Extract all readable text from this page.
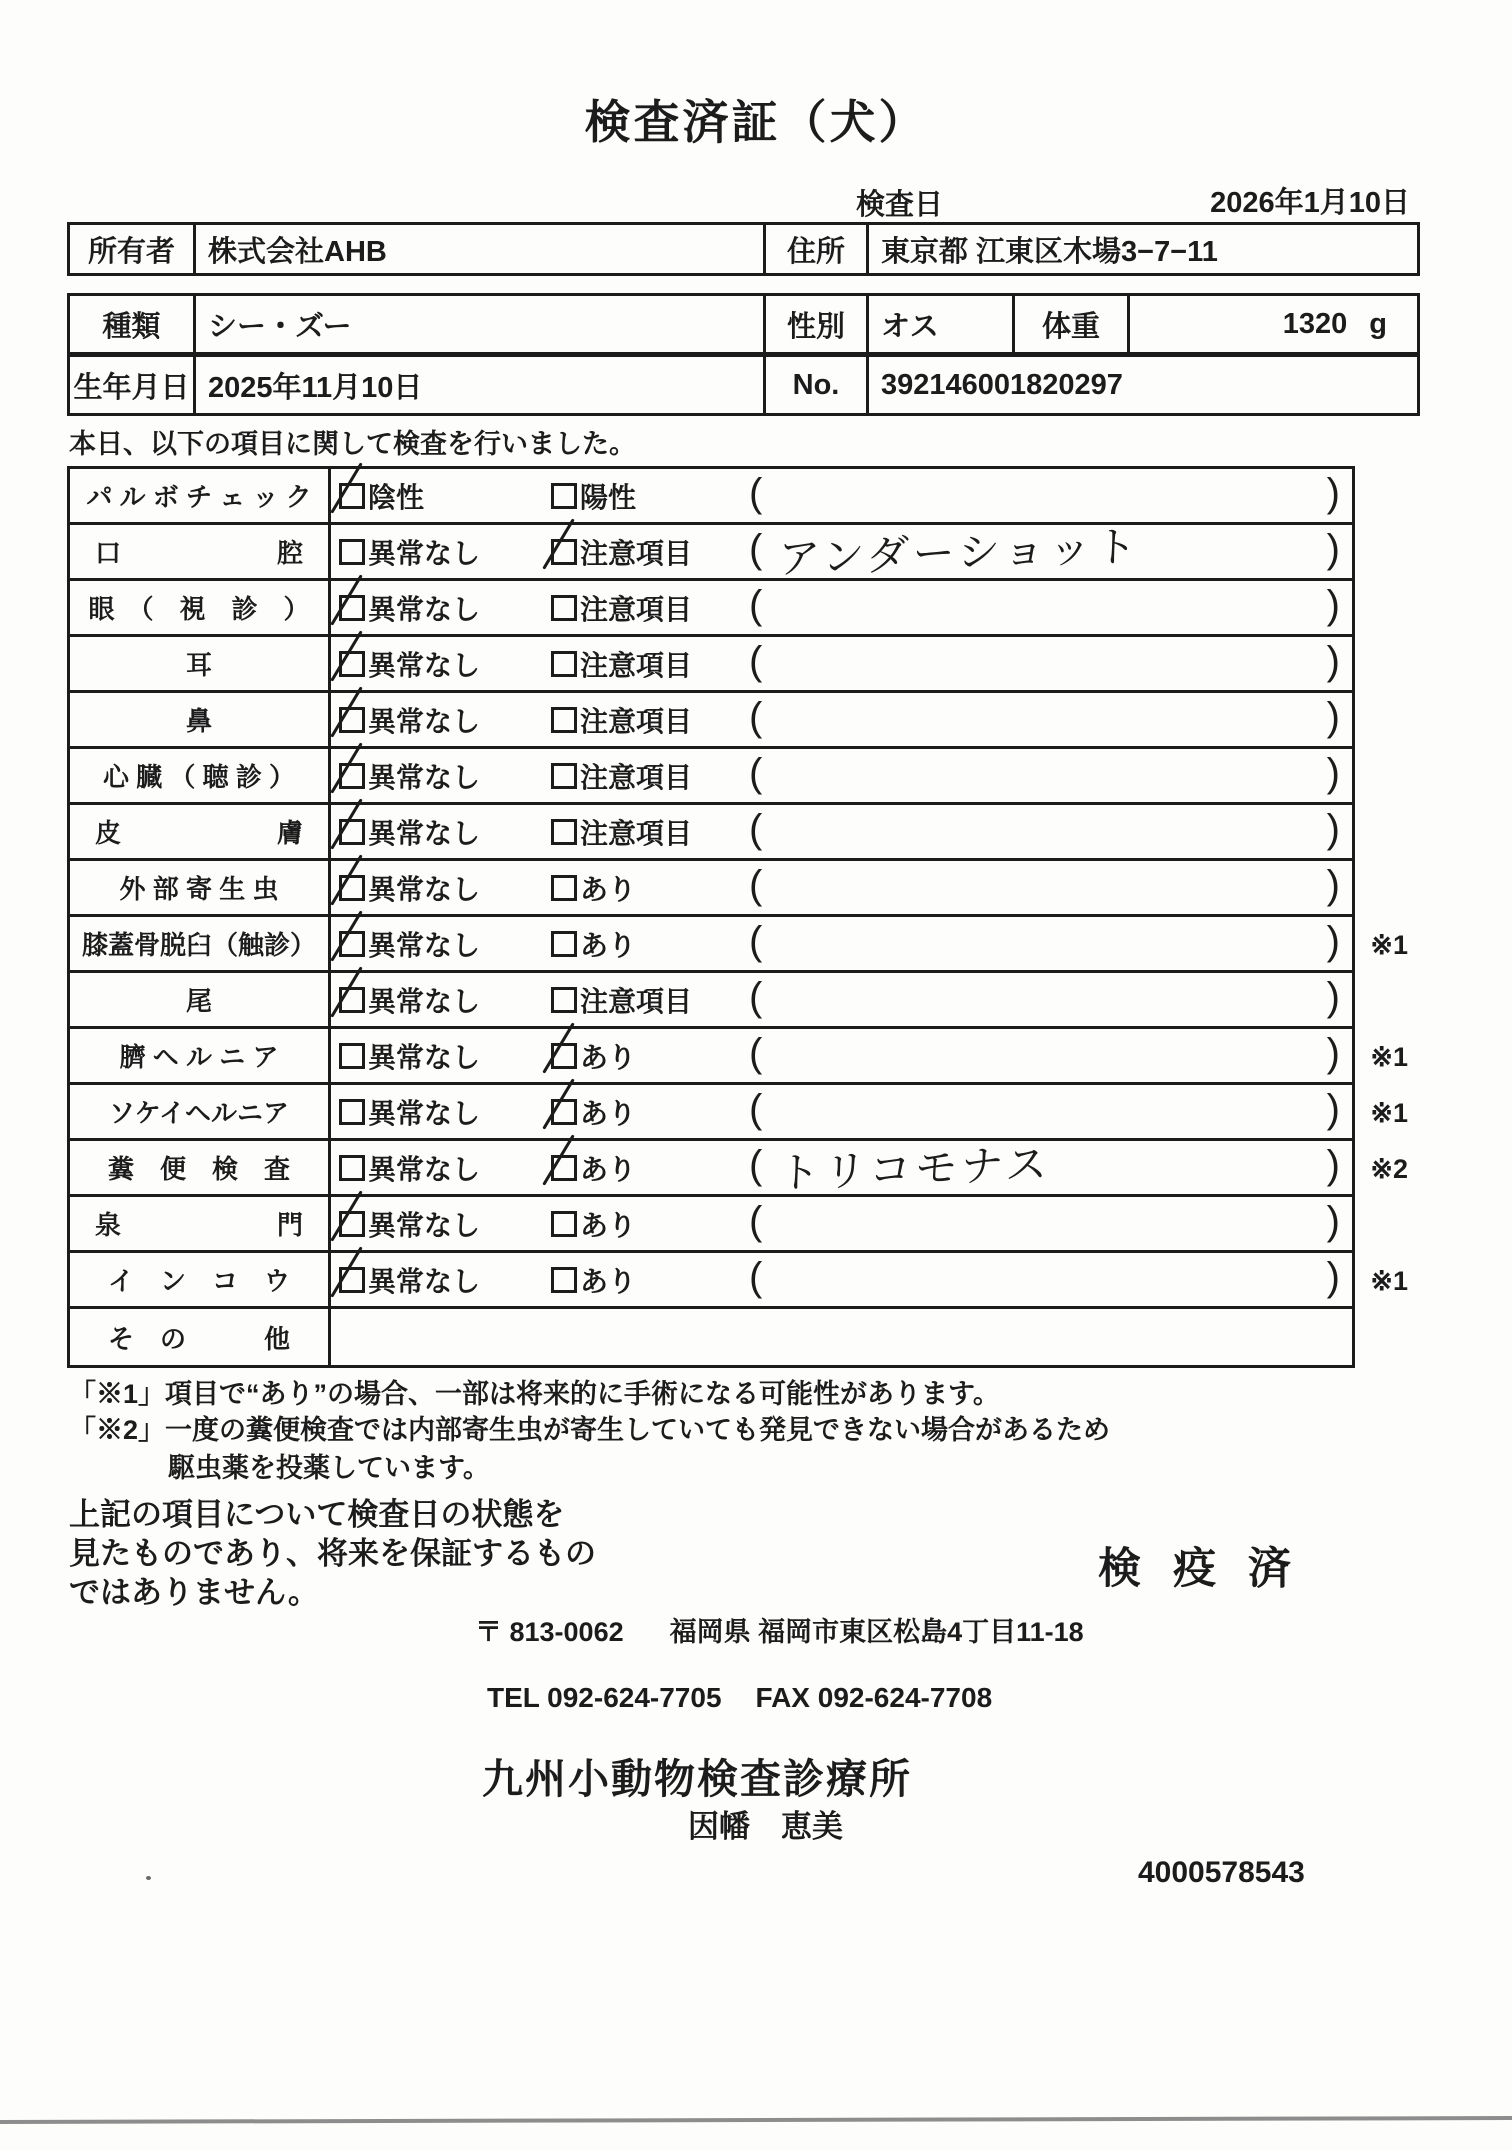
検査済証（犬）
検査日	2026年1月10日
所有者	株式会社AHB	住所	東京都 江東区木場3−7−11
種類	シー・ズー	性別	オス	体重	1320 g
生年月日 2025年11月10日	No.	392146001820297
本日、以下の項目に関して検査を行いました。
パ ル ボ チ ェ ッ ク	陰性	陽性	(	)
口　　　　　　腔	異常なし	注意項目 ( アンダーショット	)
眼　（　視　診　）	異常なし	注意項目 (	)
耳	異常なし	注意項目 (	)
鼻	異常なし	注意項目 (	)
心 臓 （ 聴 診 ）	異常なし	注意項目 (	)
皮　　　　　　膚	異常なし	注意項目 (	)
外 部 寄 生 虫	異常なし	あり	(	)
膝蓋骨脱臼（触診）	異常なし	あり	(	) ※1
尾	異常なし	注意項目 (	)
臍 ヘ ル ニ ア	異常なし	あり	(	) ※1
ソケイヘルニア	異常なし	あり	(	) ※1
糞　便　検　査	異常なし	あり	( トリコモナス	) ※2
泉　　　　　　門	異常なし	あり	(	)
イ　ン　コ　ウ	異常なし	あり	(	) ※1
そ　の　　　他
「※1」項目で“あり”の場合、一部は将来的に手術になる可能性があります。
「※2」一度の糞便検査では内部寄生虫が寄生していても発見できない場合があるため
駆虫薬を投薬しています。
上記の項目について検査日の状態を
見たものであり、将来を保証するもの
ではありません。	検 疫 済
〒 813-0062 福岡県 福岡市東区松島4丁目11-18
TEL 092-624-7705 FAX 092-624-7708
九州小動物検査診療所
因幡　恵美
4000578543
